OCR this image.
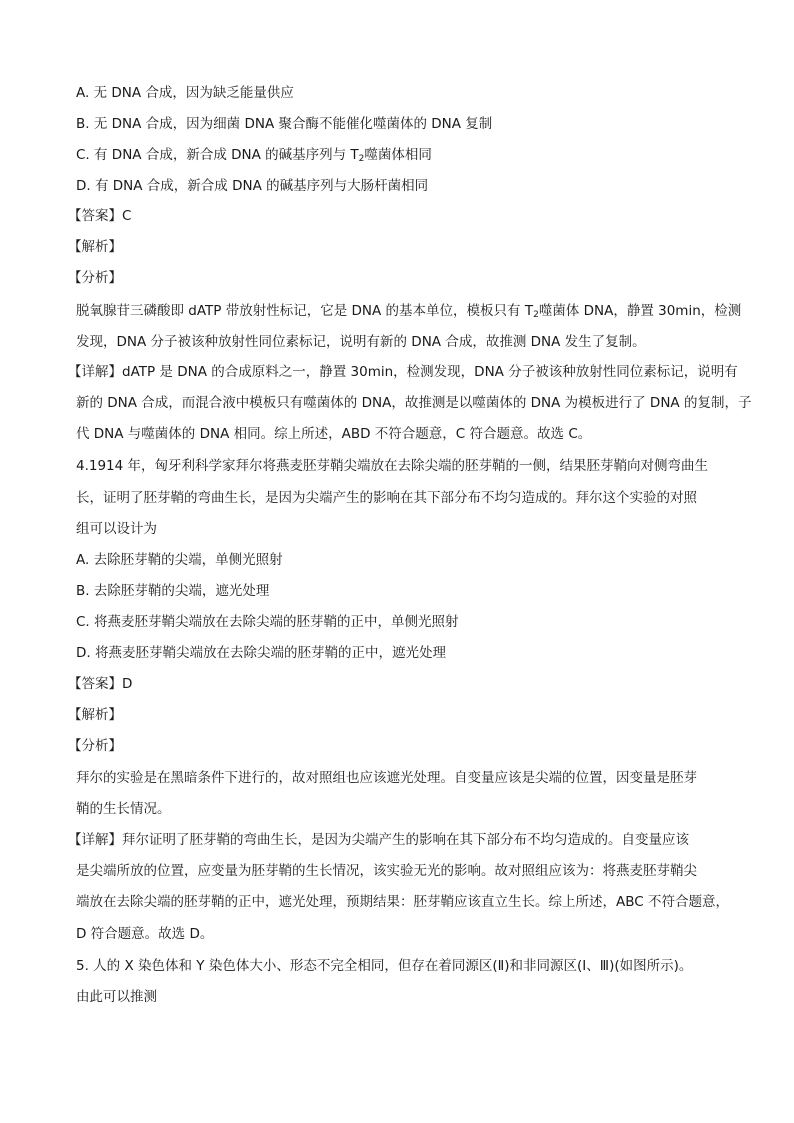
A. 无 DNA 合成，因为缺乏能量供应
B. 无 DNA 合成，因为细菌 DNA 聚合酶不能催化噬菌体的 DNA 复制
C. 有 DNA 合成，新合成 DNA 的碱基序列与 $T_2$噬菌体相同
D. 有 DNA 合成，新合成 DNA 的碱基序列与大肠杆菌相同
【答案】C
【解析】
【分析】
脱氧腺苷三磷酸即 dATP 带放射性标记，它是 DNA 的基本单位，模板只有 $T_2$噬菌体 DNA，静置 30min，检测
发现，DNA 分子被该种放射性同位素标记，说明有新的 DNA 合成，故推测 DNA 发生了复制。
【详解】dATP 是 DNA 的合成原料之一，静置 30min，检测发现，DNA 分子被该种放射性同位素标记，说明有
新的 DNA 合成，而混合液中模板只有噬菌体的 DNA，故推测是以噬菌体的 DNA 为模板进行了 DNA 的复制，子
代 DNA 与噬菌体的 DNA 相同。综上所述，ABD 不符合题意，C 符合题意。故选 C。
4.1914 年，匈牙利科学家拜尔将燕麦胚芽鞘尖端放在去除尖端的胚芽鞘的一侧，结果胚芽鞘向对侧弯曲生
长，证明了胚芽鞘的弯曲生长，是因为尖端产生的影响在其下部分布不均匀造成的。拜尔这个实验的对照
组可以设计为
A. 去除胚芽鞘的尖端，单侧光照射
B. 去除胚芽鞘的尖端，遮光处理
C. 将燕麦胚芽鞘尖端放在去除尖端的胚芽鞘的正中，单侧光照射
D. 将燕麦胚芽鞘尖端放在去除尖端的胚芽鞘的正中，遮光处理
【答案】D
【解析】
【分析】
拜尔的实验是在黑暗条件下进行的，故对照组也应该遮光处理。自变量应该是尖端的位置，因变量是胚芽
鞘的生长情况。
【详解】拜尔证明了胚芽鞘的弯曲生长，是因为尖端产生的影响在其下部分布不均匀造成的。自变量应该
是尖端所放的位置，应变量为胚芽鞘的生长情况，该实验无光的影响。故对照组应该为：将燕麦胚芽鞘尖
端放在去除尖端的胚芽鞘的正中，遮光处理，预期结果：胚芽鞘应该直立生长。综上所述，ABC 不符合题意，
D 符合题意。故选 D。
5. 人的 X 染色体和 Y 染色体大小、形态不完全相同，但存在着同源区(Ⅱ)和非同源区(Ⅰ、Ⅲ)(如图所示)。
由此可以推测
